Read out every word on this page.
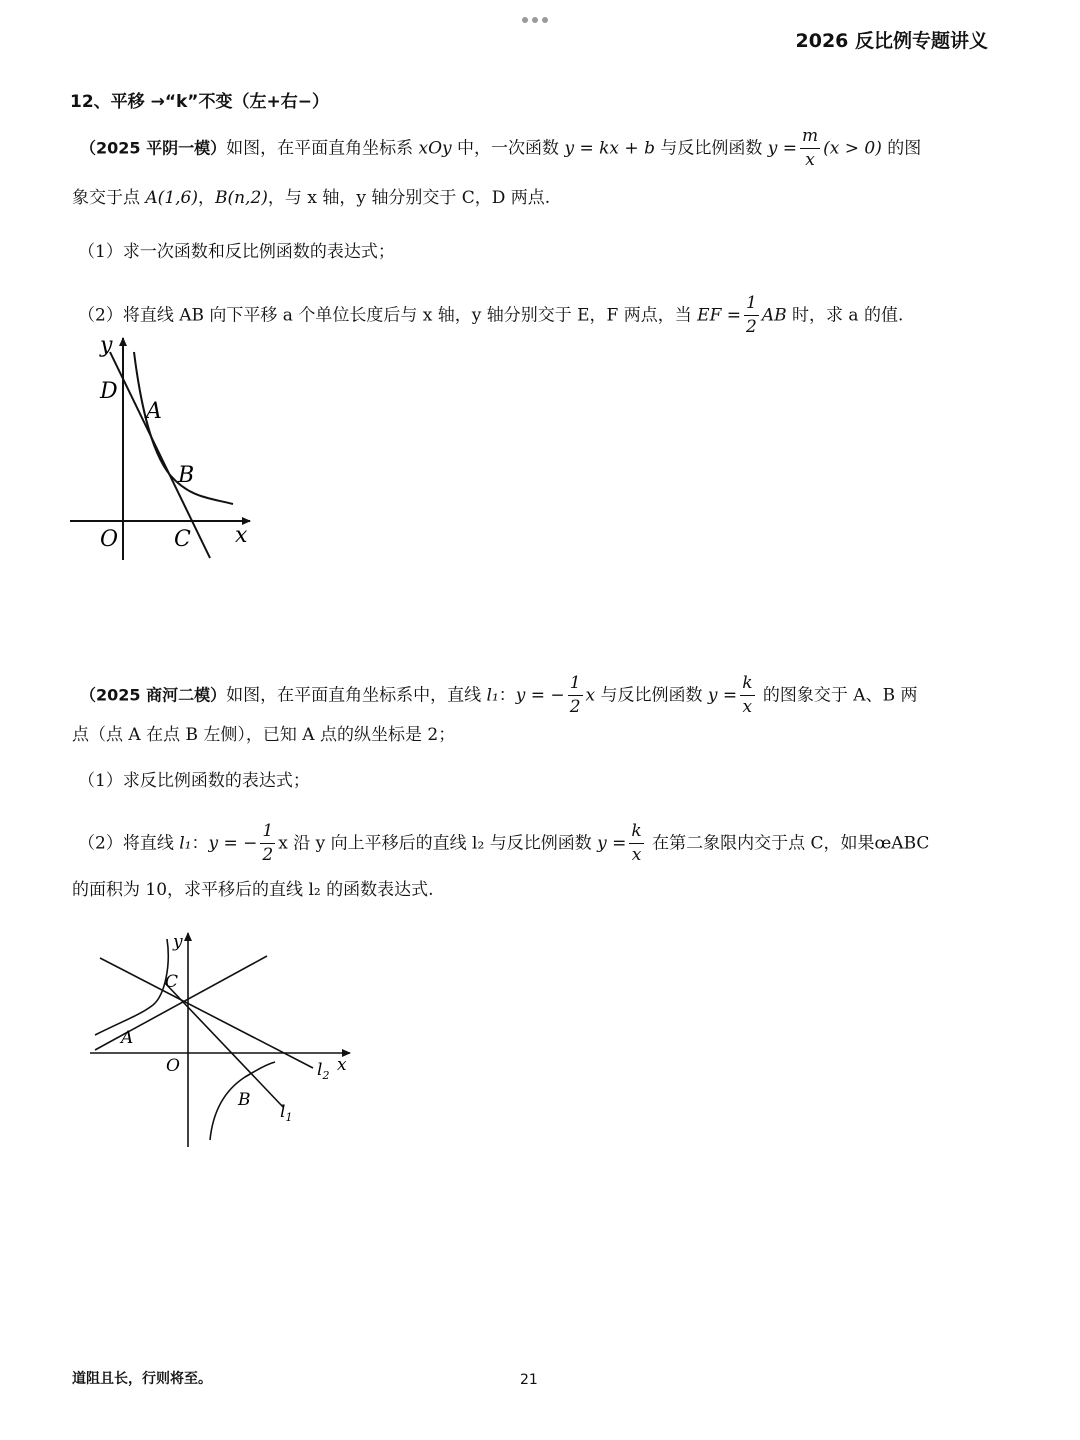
2026 反比例专题讲义
12、平移 →“k”不变（左+右−）
（2025 平阴一模）如图，在平面直角坐标系 xOy 中，一次函数 y = kx + b 与反比例函数 $y = \frac{m}{x} (x > 0)$ 的图
象交于点 A(1,6)，B(n,2)，与 x 轴，y 轴分别交于 C，D 两点.
（1）求一次函数和反比例函数的表达式；
（2）将直线 AB 向下平移 a 个单位长度后与 x 轴，y 轴分别交于 E，F 两点，当 EF = $\frac{1}{2}$ AB 时，求 a 的值.
D
A
B
O	C x
y
（2025 商河二模）如图，在平面直角坐标系中，直线 l₁：y = − $\frac{1}{2}$ x 与反比例函数 $y = \frac{k}{x}$ 的图象交于 A、B 两
点（点 A 在点 B 左侧），已知 A 点的纵坐标是 2；
（1）求反比例函数的表达式；
（2）将直线 l₁：y = − $\frac{1}{2}$ x 沿 y 向上平移后的直线 l₂ 与反比例函数 $y = \frac{k}{x}$ 在第二象限内交于点 C，如果œABC
的面积为 10，求平移后的直线 l₂ 的函数表达式.
C
A
O
B
x
y
$l_2$
$l_1$
道阻且长，行则将至。	21
